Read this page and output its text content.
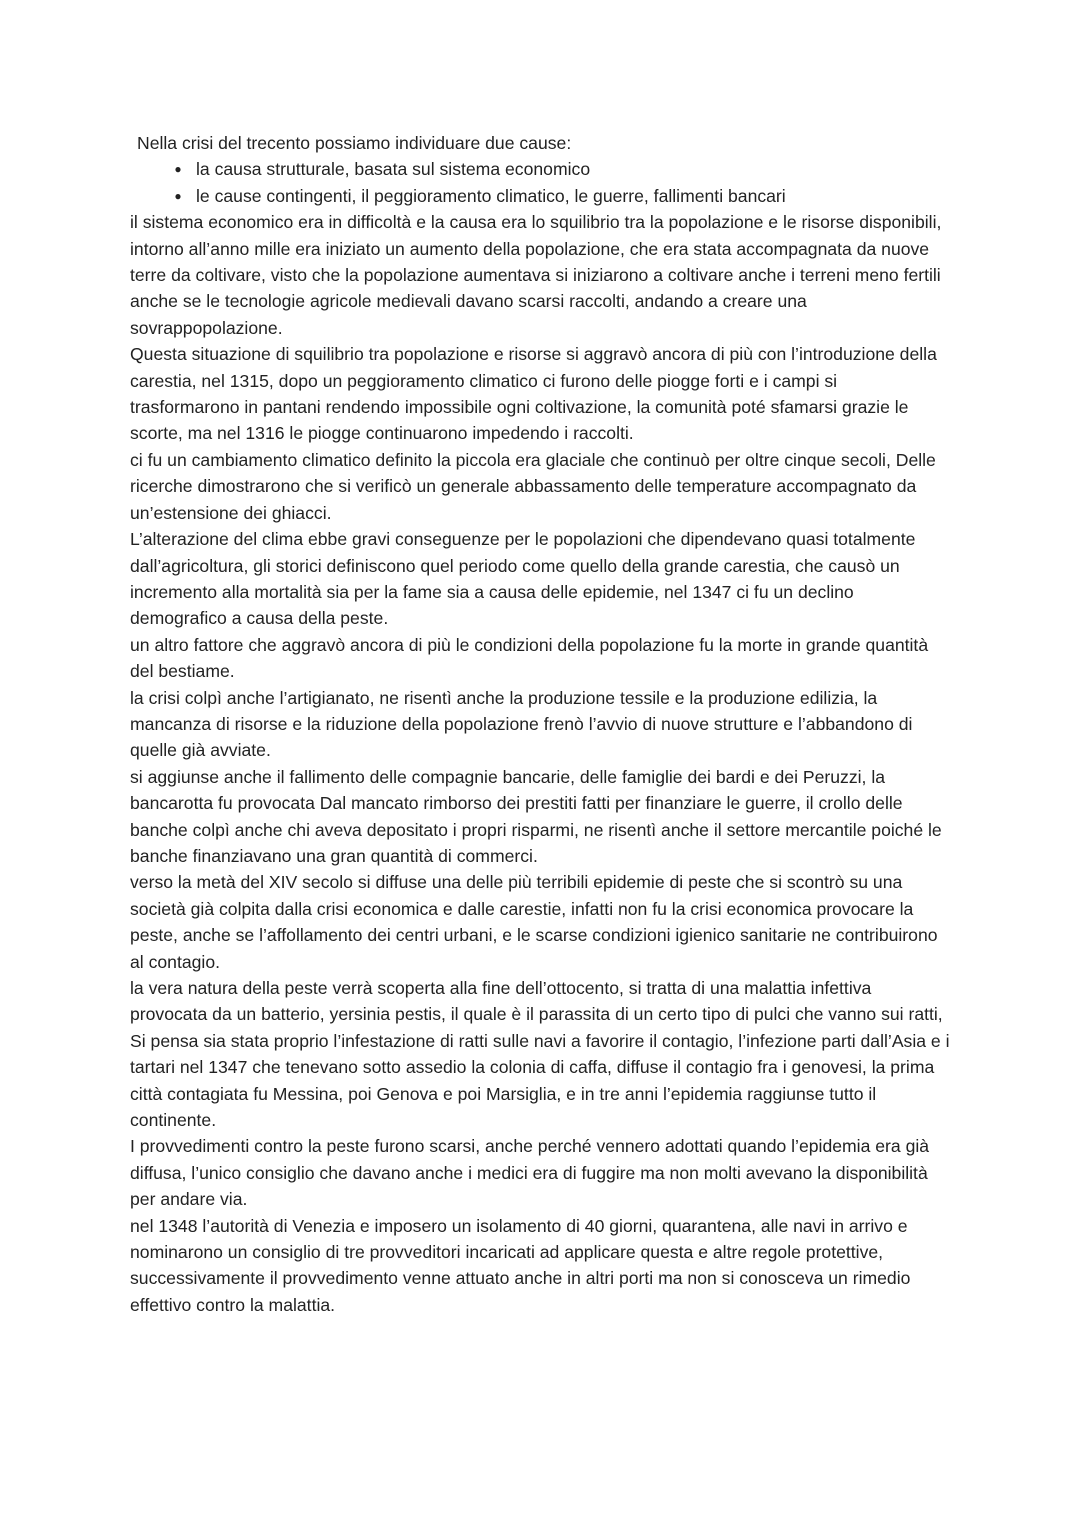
Nella crisi del trecento possiamo individuare due cause:

● la causa strutturale, basata sul sistema economico
● le cause contingenti, il peggioramento climatico, le guerre, fallimenti bancari

il sistema economico era in difficoltà e la causa era lo squilibrio tra la popolazione e le risorse disponibili, intorno all’anno mille era iniziato un aumento della popolazione, che era stata accompagnata da nuove terre da coltivare, visto che la popolazione aumentava si iniziarono a coltivare anche i terreni meno fertili anche se le tecnologie agricole medievali davano scarsi raccolti, andando a creare una sovrappopolazione.

Questa situazione di squilibrio tra popolazione e risorse si aggravò ancora di più con l’introduzione della carestia, nel 1315, dopo un peggioramento climatico ci furono delle piogge forti e i campi si trasformarono in pantani rendendo impossibile ogni coltivazione, la comunità poté sfamarsi grazie le scorte, ma nel 1316 le piogge continuarono impedendo i raccolti.

ci fu un cambiamento climatico definito la piccola era glaciale che continuò per oltre cinque secoli, Delle ricerche dimostrarono che si verificò un generale abbassamento delle temperature accompagnato da un’estensione dei ghiacci.

L’alterazione del clima ebbe gravi conseguenze per le popolazioni che dipendevano quasi totalmente dall’agricoltura, gli storici definiscono quel periodo come quello della grande carestia, che causò un incremento alla mortalità sia per la fame sia a causa delle epidemie, nel 1347 ci fu un declino demografico a causa della peste.

un altro fattore che aggravò ancora di più le condizioni della popolazione fu la morte in grande quantità del bestiame.

la crisi colpì anche l’artigianato, ne risentì anche la produzione tessile e la produzione edilizia, la mancanza di risorse e la riduzione della popolazione frenò l’avvio di nuove strutture e l’abbandono di quelle già avviate.

si aggiunse anche il fallimento delle compagnie bancarie, delle famiglie dei bardi e dei Peruzzi, la bancarotta fu provocata Dal mancato rimborso dei prestiti fatti per finanziare le guerre, il crollo delle banche colpì anche chi aveva depositato i propri risparmi, ne risentì anche il settore mercantile poiché le banche finanziavano una gran quantità di commerci.

verso la metà del XIV secolo si diffuse una delle più terribili epidemie di peste che si scontrò su una società già colpita dalla crisi economica e dalle carestie, infatti non fu la crisi economica provocare la peste, anche se l’affollamento dei centri urbani, e le scarse condizioni igienico sanitarie ne contribuirono al contagio.

la vera natura della peste verrà scoperta alla fine dell’ottocento, si tratta di una malattia infettiva provocata da un batterio, yersinia pestis, il quale è il parassita di un certo tipo di pulci che vanno sui ratti, Si pensa sia stata proprio l’infestazione di ratti sulle navi a favorire il contagio, l’infezione parti dall’Asia e i tartari nel 1347 che tenevano sotto assedio la colonia di caffa, diffuse il contagio fra i genovesi, la prima città contagiata fu Messina, poi Genova e poi Marsiglia, e in tre anni l’epidemia raggiunse tutto il continente.

I provvedimenti contro la peste furono scarsi, anche perché vennero adottati quando l’epidemia era già diffusa, l’unico consiglio che davano anche i medici era di fuggire ma non molti avevano la disponibilità per andare via.

nel 1348 l’autorità di Venezia e imposero un isolamento di 40 giorni, quarantena, alle navi in arrivo e nominarono un consiglio di tre provveditori incaricati ad applicare questa e altre regole protettive, successivamente il provvedimento venne attuato anche in altri porti ma non si conosceva un rimedio effettivo contro la malattia.
